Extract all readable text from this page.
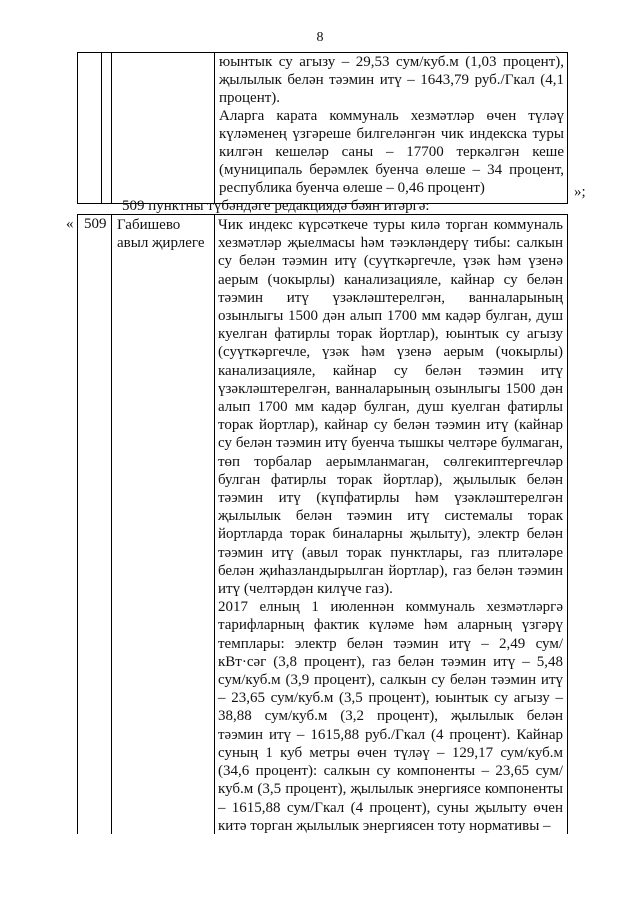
8

юынтык су агызу – 29,53 сум/куб.м (1,03 процент), җылылык белән тәэмин итү – 1643,79 руб./Гкал (4,1 процент).

Аларга карата коммуналь хезмәтләр өчен түләү күләменең үзгәреше билгеләнгән чик индекска туры килгән кешеләр саны – 17700 теркәлгән кеше (муниципаль берәмлек буенча өлеше – 34 процент, республика буенча өлеше – 0,46 процент)	»;
509 пунктны түбәндәге редакциядә бәян итәргә:
« 509 Габишево авыл җирлеге

Чик индекс күрсәткече туры килә торган коммуналь хезмәтләр җыелмасы һәм тәэкләндерү тибы: салкын су белән тәэмин итү (суүткәргечле, үзәк һәм үзенә аерым (чокырлы) канализацияле, кайнар су белән тәэмин итү үзәкләштерелгән, ванналарының озынлыгы 1500 дән алып 1700 мм кадәр булган, душ куелган фатирлы торак йортлар), юынтык су агызу (суүткәргечле, үзәк һәм үзенә аерым (чокырлы) канализацияле, кайнар су белән тәэмин итү үзәкләштерелгән, ванналарының озынлыгы 1500 дән алып 1700 мм кадәр булган, душ куелган фатирлы торак йортлар), кайнар су белән тәэмин итү (кайнар су белән тәэмин итү буенча тышкы челтәре булмаган, төп торбалар аерымланмаган, сөлгекиптергечләр булган фатирлы торак йортлар), җылылык белән тәэмин итү (күпфатирлы һәм үзәкләштерелгән җылылык белән тәэмин итү системалы торак йортларда торак биналарны җылыту), электр белән тәэмин итү (авыл торак пунктлары, газ плитәләре белән җиһазландырылган йортлар), газ белән тәэмин итү (челтәрдән килүче газ).

2017 елның 1 июленнән коммуналь хезмәтләргә тарифларның фактик күләме һәм аларның үзгәрү темплары: электр белән тәэмин итү – 2,49 сум/кВт·сәг (3,8 процент), газ белән тәэмин итү – 5,48 сум/куб.м (3,9 процент), салкын су белән тәэмин итү – 23,65 сум/куб.м (3,5 процент), юынтык су агызу – 38,88 сум/куб.м (3,2 процент), җылылык белән тәэмин итү – 1615,88 руб./Гкал (4 процент). Кайнар суның 1 куб метры өчен түләү – 129,17 сум/куб.м (34,6 процент): салкын су компоненты – 23,65 сум/куб.м (3,5 процент), җылылык энергиясе компоненты – 1615,88 сум/Гкал (4 процент), суны җылыту өчен китә торган җылылык энергиясен тоту нормативы –
